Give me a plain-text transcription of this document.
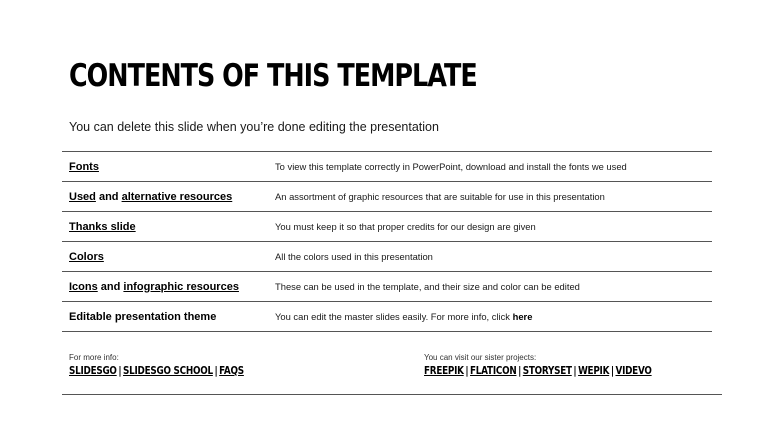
CONTENTS OF THIS TEMPLATE

You can delete this slide when you’re done editing the presentation

Fonts	To view this template correctly in PowerPoint, download and install the fonts we used
Used and alternative resources	An assortment of graphic resources that are suitable for use in this presentation
Thanks slide	You must keep it so that proper credits for our design are given
Colors	All the colors used in this presentation
Icons and infographic resources	These can be used in the template, and their size and color can be edited
Editable presentation theme	You can edit the master slides easily. For more info, click here
For more info:
SLIDESGO | SLIDESGO SCHOOL | FAQS
You can visit our sister projects:
FREEPIK | FLATICON | STORYSET | WEPIK | VIDEVO
